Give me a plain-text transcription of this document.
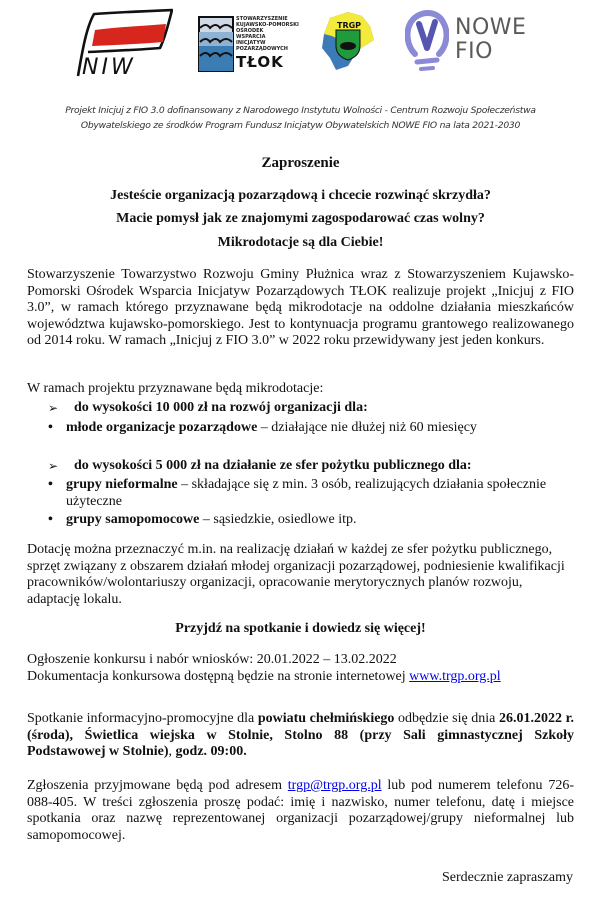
NIW
STOWARZYSZENIE
KUJAWSKO-POMORSKI
OŚRODEK
WSPARCIA
INICJATYW
POZARZĄDOWYCH
TŁOK
TRGP	NOWE
FIO
Projekt Inicjuj z FIO 3.0 dofinansowany z Narodowego Instytutu Wolności - Centrum Rozwoju Społeczeństwa
Obywatelskiego ze środków Program Fundusz Inicjatyw Obywatelskich NOWE FIO na lata 2021-2030
Zaproszenie
Jesteście organizacją pozarządową i chcecie rozwinąć skrzydła?
Macie pomysł jak ze znajomymi zagospodarować czas wolny?
Mikrodotacje są dla Ciebie!
Stowarzyszenie Towarzystwo Rozwoju Gminy Płużnica wraz z Stowarzyszeniem Kujawsko-Pomorski Ośrodek Wsparcia Inicjatyw Pozarządowych TŁOK realizuje projekt „Inicjuj z FIO 3.0”, w ramach którego przyznawane będą mikrodotacje na oddolne działania mieszkańców województwa kujawsko-pomorskiego. Jest to kontynuacja programu grantowego realizowanego od 2014 roku. W ramach „Inicjuj z FIO 3.0” w 2022 roku przewidywany jest jeden konkurs.
W ramach projektu przyznawane będą mikrodotacje:
➢ do wysokości 10 000 zł na rozwój organizacji dla:
• młode organizacje pozarządowe – działające nie dłużej niż 60 miesięcy
➢ do wysokości 5 000 zł na działanie ze sfer pożytku publicznego dla:
• grupy nieformalne – składające się z min. 3 osób, realizujących działania społecznie użyteczne
• grupy samopomocowe – sąsiedzkie, osiedlowe itp.
Dotację można przeznaczyć m.in. na realizację działań w każdej ze sfer pożytku publicznego, sprzęt związany z obszarem działań młodej organizacji pozarządowej, podniesienie kwalifikacji pracowników/wolontariuszy organizacji, opracowanie merytorycznych planów rozwoju, adaptację lokalu.
Przyjdź na spotkanie i dowiedz się więcej!
Ogłoszenie konkursu i nabór wniosków: 20.01.2022 – 13.02.2022
Dokumentacja konkursowa dostępną będzie na stronie internetowej www.trgp.org.pl
Spotkanie informacyjno-promocyjne dla powiatu chełmińskiego odbędzie się dnia 26.01.2022 r. (środa), Świetlica wiejska w Stolnie, Stolno 88 (przy Sali gimnastycznej Szkoły Podstawowej w Stolnie), godz. 09:00.
Zgłoszenia przyjmowane będą pod adresem trgp@trgp.org.pl lub pod numerem telefonu 726-088-405. W treści zgłoszenia proszę podać: imię i nazwisko, numer telefonu, datę i miejsce spotkania oraz nazwę reprezentowanej organizacji pozarządowej/grupy nieformalnej lub samopomocowej.
Serdecznie zapraszamy
